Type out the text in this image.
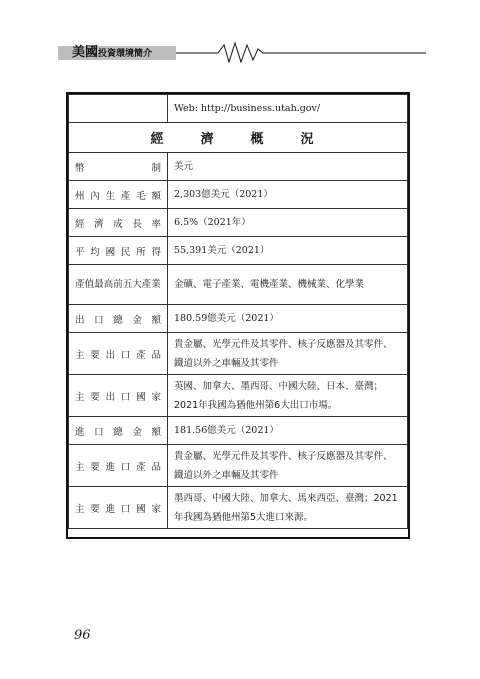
美國投資環境簡介
	Web: http://business.utah.gov/
經　濟　概　況	
幣　　　　　制	美元
州內生產毛額	2,303億美元（2021）
經濟成長率	6.5%（2021年）
平均國民所得	55,391美元（2021）
產值最高前五大產業	金礦、電子產業、電機產業、機械業、化學業
出口總金額	180.59億美元（2021）
主要出口產品	貴金屬、光學元件及其零件、核子反應器及其零件、鐵道以外之車輛及其零件
主要出口國家	英國、加拿大、墨西哥、中國大陸、日本、臺灣；2021年我國為猶他州第6大出口市場。
進口總金額	181.56億美元（2021）
主要進口產品	貴金屬、光學元件及其零件、核子反應器及其零件、鐵道以外之車輛及其零件
主要進口國家	墨西哥、中國大陸、加拿大、馬來西亞、臺灣；2021年我國為猶他州第5大進口來源。
96
